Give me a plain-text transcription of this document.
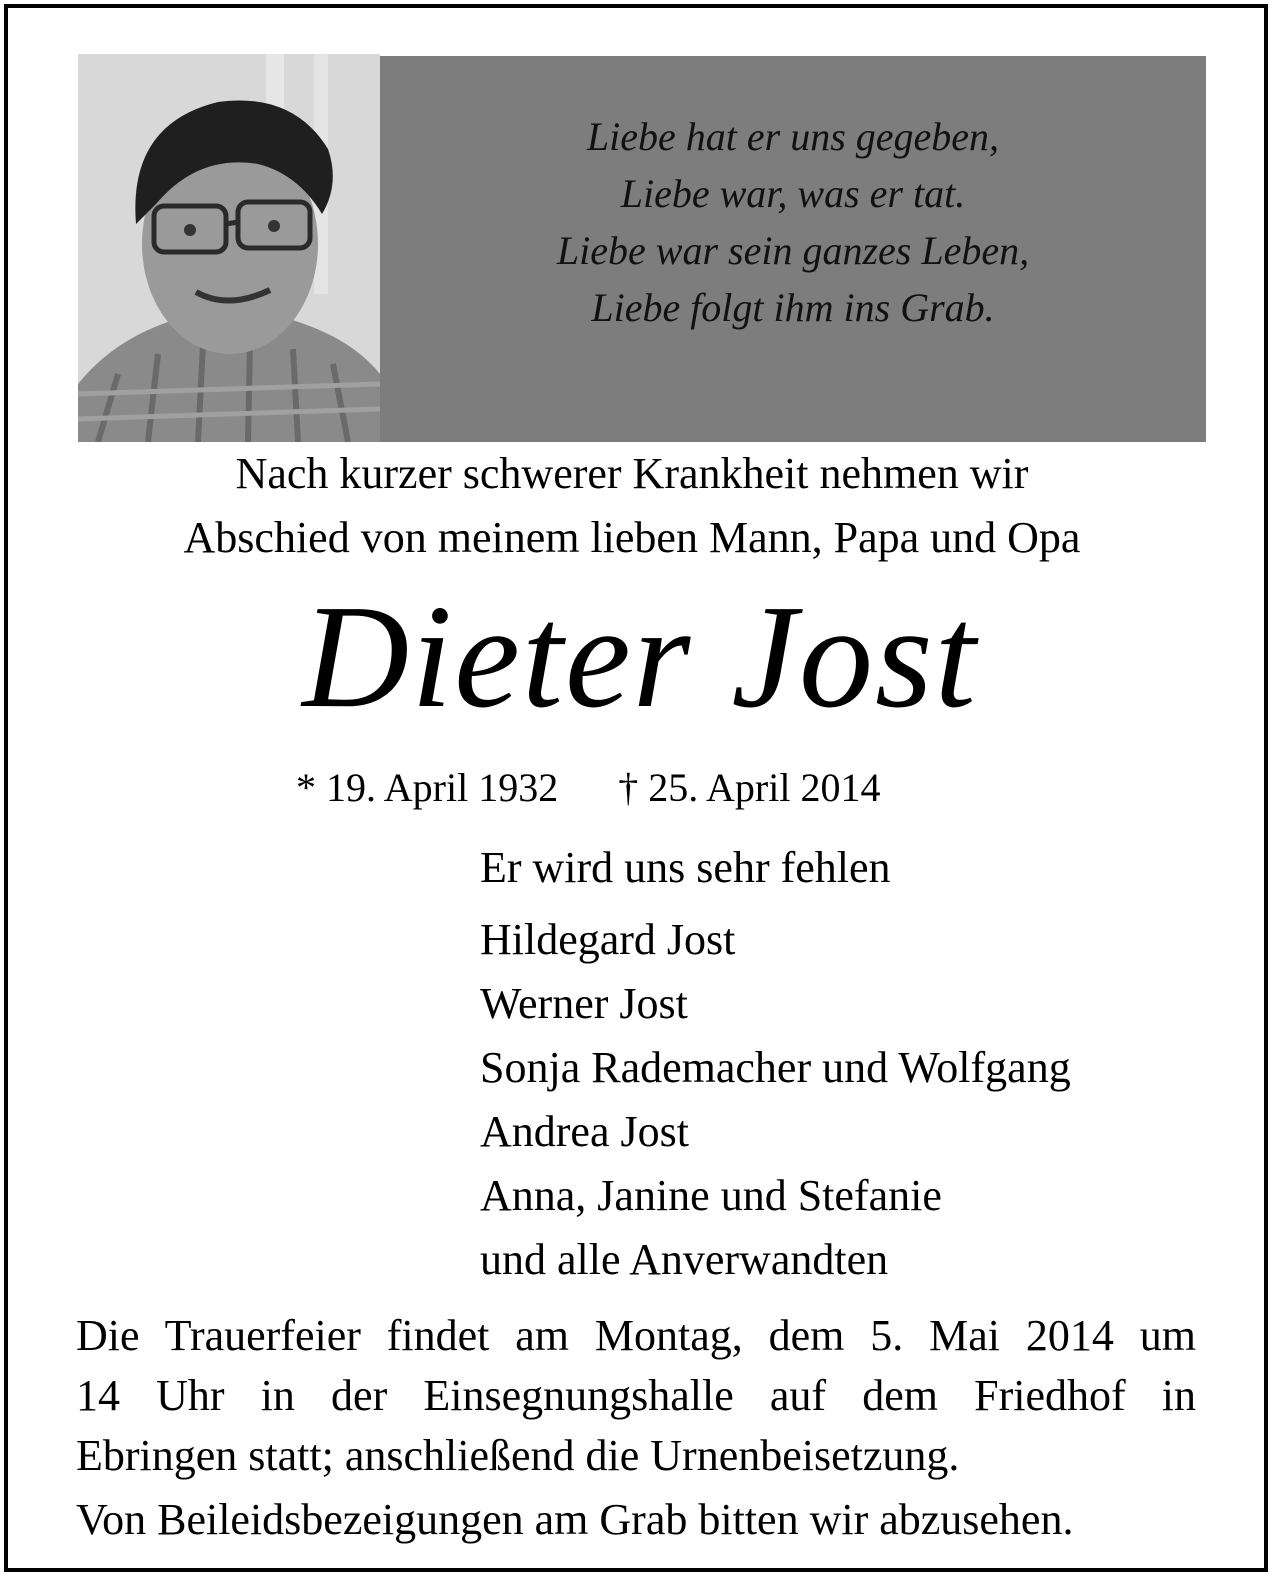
Liebe hat er uns gegeben,
Liebe war, was er tat.
Liebe war sein ganzes Leben,
Liebe folgt ihm ins Grab.
Nach kurzer schwerer Krankheit nehmen wir
Abschied von meinem lieben Mann, Papa und Opa
Dieter Jost
* 19. April 1932 † 25. April 2014
Er wird uns sehr fehlen
Hildegard Jost
Werner Jost
Sonja Rademacher und Wolfgang
Andrea Jost
Anna, Janine und Stefanie
und alle Anverwandten
Die Trauerfeier findet am Montag, dem 5. Mai 2014 um
14 Uhr in der Einsegnungshalle auf dem Friedhof in
Ebringen statt; anschließend die Urnenbeisetzung.
Von Beileidsbezeigungen am Grab bitten wir abzusehen.
